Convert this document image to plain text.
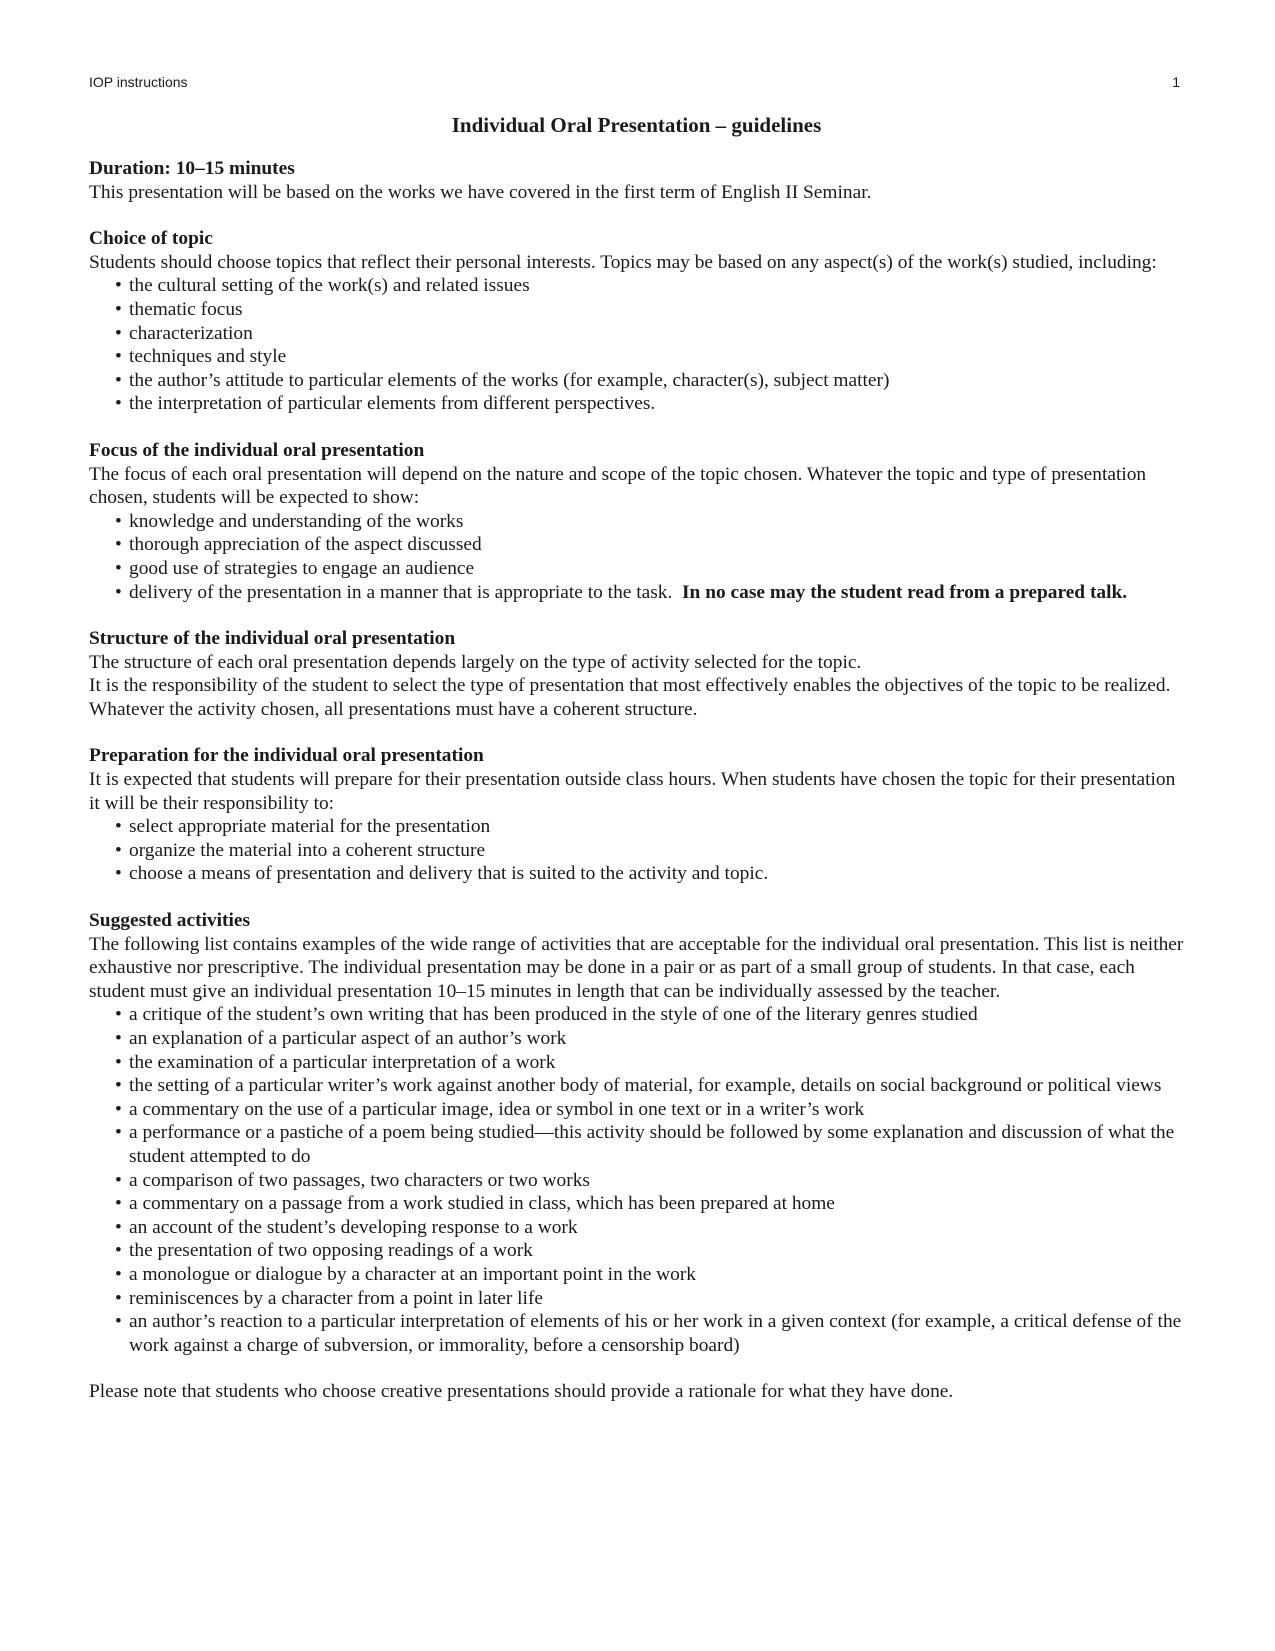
IOP instructions	1
Individual Oral Presentation – guidelines

Duration: 10–15 minutes

This presentation will be based on the works we have covered in the first term of English II Seminar.

Choice of topic

Students should choose topics that reflect their personal interests. Topics may be based on any aspect(s) of the work(s) studied, including:

• the cultural setting of the work(s) and related issues
• thematic focus
• characterization
• techniques and style
• the author’s attitude to particular elements of the works (for example, character(s), subject matter)
• the interpretation of particular elements from different perspectives.

Focus of the individual oral presentation

The focus of each oral presentation will depend on the nature and scope of the topic chosen. Whatever the topic and type of presentation chosen, students will be expected to show:

• knowledge and understanding of the works
• thorough appreciation of the aspect discussed
• good use of strategies to engage an audience
• delivery of the presentation in a manner that is appropriate to the task. In no case may the student read from a prepared talk.

Structure of the individual oral presentation

The structure of each oral presentation depends largely on the type of activity selected for the topic.

It is the responsibility of the student to select the type of presentation that most effectively enables the objectives of the topic to be realized. Whatever the activity chosen, all presentations must have a coherent structure.

Preparation for the individual oral presentation

It is expected that students will prepare for their presentation outside class hours. When students have chosen the topic for their presentation it will be their responsibility to:

• select appropriate material for the presentation
• organize the material into a coherent structure
• choose a means of presentation and delivery that is suited to the activity and topic.

Suggested activities

The following list contains examples of the wide range of activities that are acceptable for the individual oral presentation. This list is neither exhaustive nor prescriptive. The individual presentation may be done in a pair or as part of a small group of students. In that case, each student must give an individual presentation 10–15 minutes in length that can be individually assessed by the teacher.

• a critique of the student’s own writing that has been produced in the style of one of the literary genres studied
• an explanation of a particular aspect of an author’s work
• the examination of a particular interpretation of a work
• the setting of a particular writer’s work against another body of material, for example, details on social background or political views
• a commentary on the use of a particular image, idea or symbol in one text or in a writer’s work
• a performance or a pastiche of a poem being studied—this activity should be followed by some explanation and discussion of what the student attempted to do
• a comparison of two passages, two characters or two works
• a commentary on a passage from a work studied in class, which has been prepared at home
• an account of the student’s developing response to a work
• the presentation of two opposing readings of a work
• a monologue or dialogue by a character at an important point in the work
• reminiscences by a character from a point in later life
• an author’s reaction to a particular interpretation of elements of his or her work in a given context (for example, a critical defense of the work against a charge of subversion, or immorality, before a censorship board)

Please note that students who choose creative presentations should provide a rationale for what they have done.
